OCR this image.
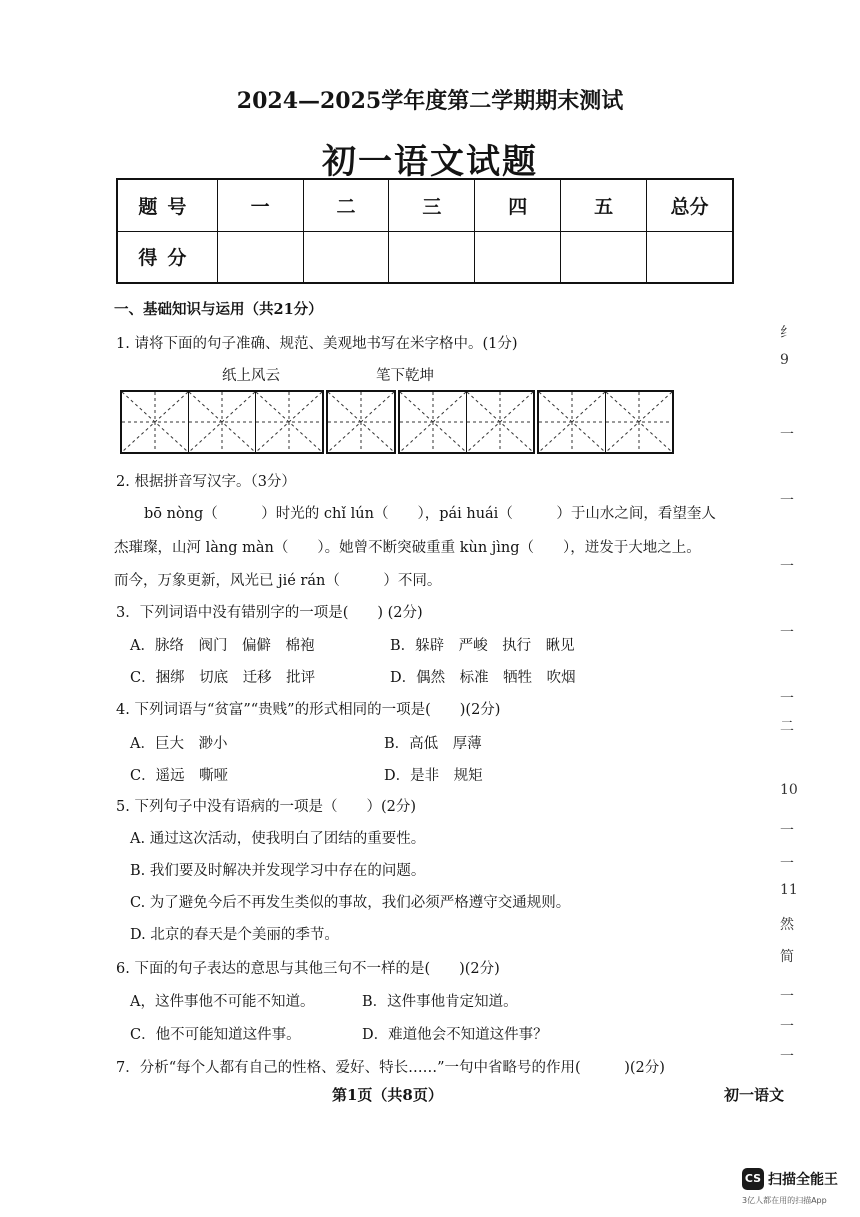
2024—2025学年度第二学期期末测试
初一语文试题
题号	一	二	三	四	五	总分
得分						
一、基础知识与运用（共21分）
1. 请将下面的句子准确、规范、美观地书写在米字格中。(1分)
纸上风云	笔下乾坤
2. 根据拼音写汉字。（3分）
bō nòng（　　　）时光的 chǐ lún（　　），pái huái（　　　）于山水之间，看望奎人
杰璀璨，山河 làng màn（　　）。她曾不断突破重重 kùn jìng（　　），迸发于大地之上。
而今，万象更新，风光已 jié rán（　　　）不同。
3．下列词语中没有错别字的一项是(　　) (2分)
A．脉络　阀门　偏僻　棉袍	B．躲辟　严峻　执行　瞅见
C．捆绑　切底　迁移　批评	D．偶然　标准　牺牲　吹烟
4. 下列词语与“贫富”“贵贱”的形式相同的一项是(　　)(2分)
A．巨大　渺小	B．高低　厚薄
C．遥远　嘶哑	D．是非　规矩
5. 下列句子中没有语病的一项是（　　）(2分)
A. 通过这次活动，使我明白了团结的重要性。
B. 我们要及时解决并发现学习中存在的问题。
C. 为了避免今后不再发生类似的事故，我们必须严格遵守交通规则。
D. 北京的春天是个美丽的季节。
6. 下面的句子表达的意思与其他三句不一样的是(　　)(2分)
A，这件事他不可能不知道。	B．这件事他肯定知道。
C．他不可能知道这件事。	D．难道他会不知道这件事？
7．分析“每个人都有自己的性格、爱好、特长……”一句中省略号的作用(　　　)(2分)
纟
9
一
一
一
一
一
二
10
一
一
11
然
简
一
一
一
第1页（共8页）	初一语文
CS 扫描全能王
3亿人都在用的扫描App
